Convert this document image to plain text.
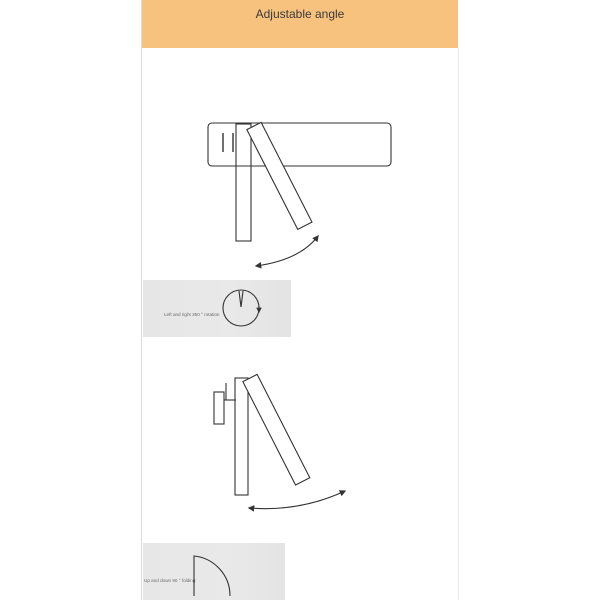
Adjustable angle
Left and right 350 ° rotation
Up and down 90 ° folding
